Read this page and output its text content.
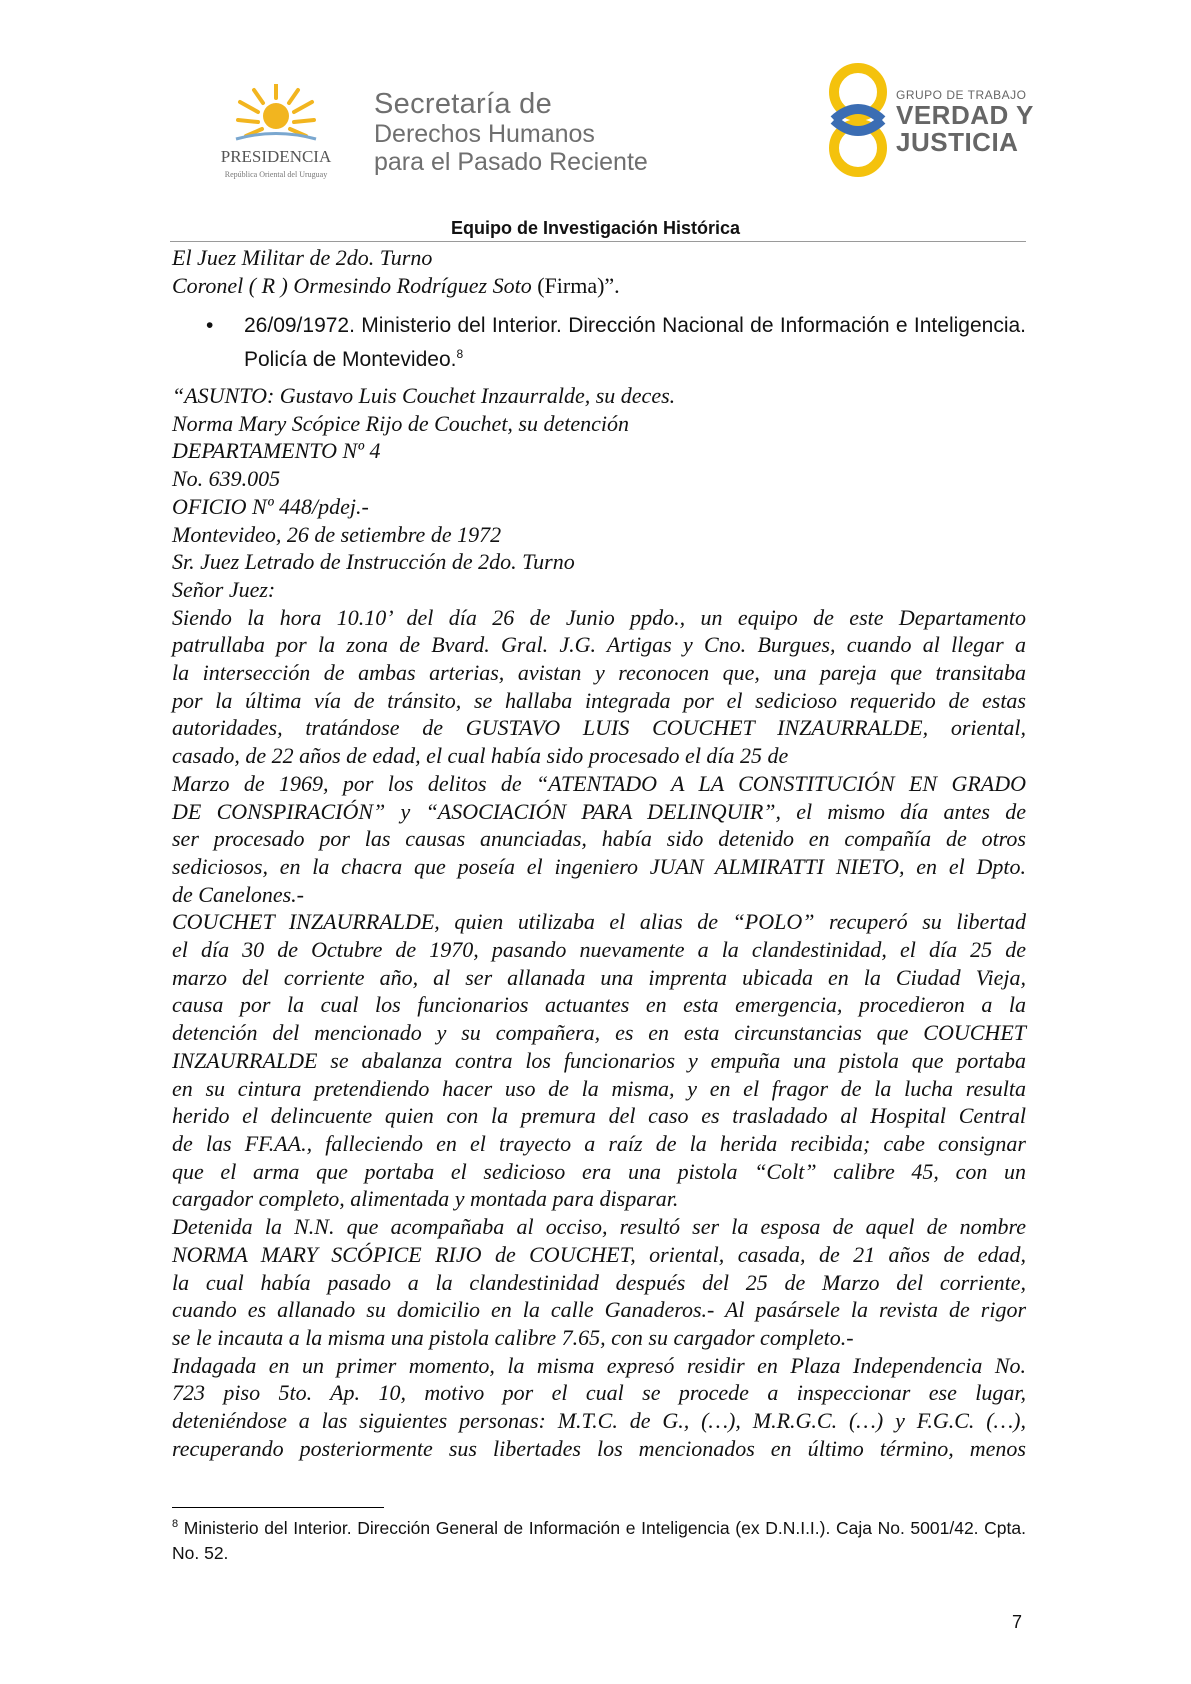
PRESIDENCIA
República Oriental del Uruguay
Secretaría de
Derechos Humanos
para el Pasado Reciente
GRUPO DE TRABAJO
VERDAD Y
JUSTICIA
Equipo de Investigación Histórica
El Juez Militar de 2do. Turno
Coronel ( R ) Ormesindo Rodríguez Soto (Firma)”.
• 26/09/1972. Ministerio del Interior. Dirección Nacional de Información e Inteligencia. Policía de Montevideo.$^8$

“ASUNTO: Gustavo Luis Couchet Inzaurralde, su deces.

Norma Mary Scópice Rijo de Couchet, su detención

DEPARTAMENTO Nº 4

No. 639.005

OFICIO Nº 448/pdej.-

Montevideo, 26 de setiembre de 1972

Sr. Juez Letrado de Instrucción de 2do. Turno

Señor Juez:

Siendo la hora 10.10’ del día 26 de Junio ppdo., un equipo de este Departamento

patrullaba por la zona de Bvard. Gral. J.G. Artigas y Cno. Burgues, cuando al llegar a

la intersección de ambas arterias, avistan y reconocen que, una pareja que transitaba

por la última vía de tránsito, se hallaba integrada por el sedicioso requerido de estas

autoridades, tratándose de GUSTAVO LUIS COUCHET INZAURRALDE, oriental,

casado, de 22 años de edad, el cual había sido procesado el día 25 de

Marzo de 1969, por los delitos de “ATENTADO A LA CONSTITUCIÓN EN GRADO

DE CONSPIRACIÓN” y “ASOCIACIÓN PARA DELINQUIR”, el mismo día antes de

ser procesado por las causas anunciadas, había sido detenido en compañía de otros

sediciosos, en la chacra que poseía el ingeniero JUAN ALMIRATTI NIETO, en el Dpto.

de Canelones.-

COUCHET INZAURRALDE, quien utilizaba el alias de “POLO” recuperó su libertad

el día 30 de Octubre de 1970, pasando nuevamente a la clandestinidad, el día 25 de

marzo del corriente año, al ser allanada una imprenta ubicada en la Ciudad Vieja,

causa por la cual los funcionarios actuantes en esta emergencia, procedieron a la

detención del mencionado y su compañera, es en esta circunstancias que COUCHET

INZAURRALDE se abalanza contra los funcionarios y empuña una pistola que portaba

en su cintura pretendiendo hacer uso de la misma, y en el fragor de la lucha resulta

herido el delincuente quien con la premura del caso es trasladado al Hospital Central

de las FF.AA., falleciendo en el trayecto a raíz de la herida recibida; cabe consignar

que el arma que portaba el sedicioso era una pistola “Colt” calibre 45, con un

cargador completo, alimentada y montada para disparar.

Detenida la N.N. que acompañaba al occiso, resultó ser la esposa de aquel de nombre

NORMA MARY SCÓPICE RIJO de COUCHET, oriental, casada, de 21 años de edad,

la cual había pasado a la clandestinidad después del 25 de Marzo del corriente,

cuando es allanado su domicilio en la calle Ganaderos.- Al pasársele la revista de rigor

se le incauta a la misma una pistola calibre 7.65, con su cargador completo.-

Indagada en un primer momento, la misma expresó residir en Plaza Independencia No.

723 piso 5to. Ap. 10, motivo por el cual se procede a inspeccionar ese lugar,

deteniéndose a las siguientes personas: M.T.C. de G., (…), M.R.G.C. (…) y F.G.C. (…),

recuperando posteriormente sus libertades los mencionados en último término, menos

$^8$ Ministerio del Interior. Dirección General de Información e Inteligencia (ex D.N.I.I.). Caja No. 5001/42. Cpta. No. 52.
7
